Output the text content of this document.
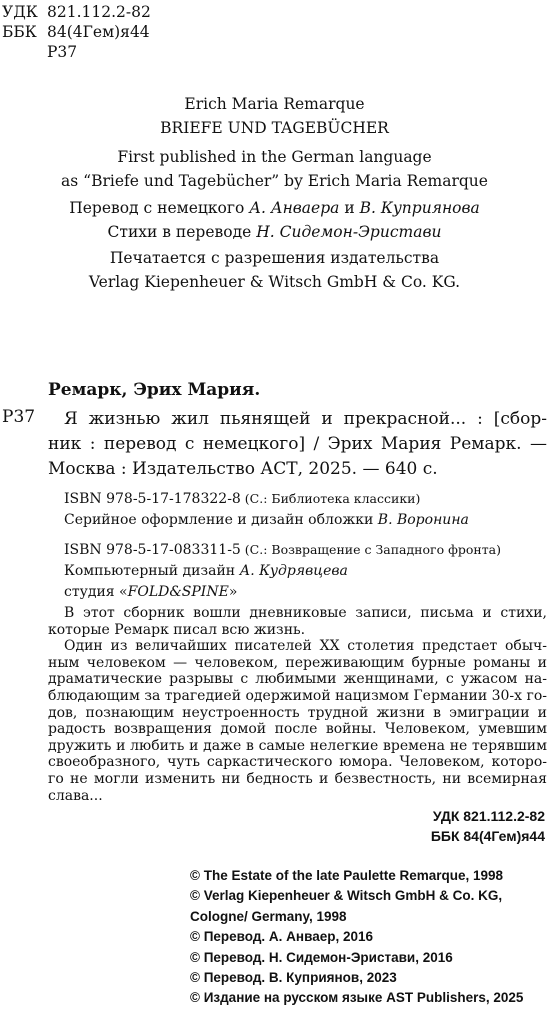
УДК 821.112.2-82
ББК 84(4Гем)я44
Р37
Erich Maria Remarque
BRIEFE UND TAGEBÜCHER
First published in the German language
as “Briefe und Tagebücher” by Erich Maria Remarque
Перевод с немецкого А. Анваера и В. Куприянова
Стихи в переводе Н. Сидемон-Эристави
Печатается с разрешения издательства
Verlag Kiepenheuer & Witsch GmbH & Co. KG.
Ремарк, Эрих Мария.
Р37	Я жизнью жил пьянящей и прекрасной... : [сбор-
ник : перевод с немецкого] / Эрих Мария Ремарк. —
Москва : Издательство АСТ, 2025. — 640 с.
ISBN 978-5-17-178322-8 (С.: Библиотека классики)
Серийное оформление и дизайн обложки В. Воронина
ISBN 978-5-17-083311-5 (С.: Возвращение с Западного фронта)
Компьютерный дизайн А. Кудрявцева
студия «FOLD&SPINE»
В этот сборник вошли дневниковые записи, письма и стихи,
которые Ремарк писал всю жизнь.
Один из величайших писателей XX столетия предстает обыч-
ным человеком — человеком, переживающим бурные романы и
драматические разрывы с любимыми женщинами, с ужасом на-
блюдающим за трагедией одержимой нацизмом Германии 30-х го-
дов, познающим неустроенность трудной жизни в эмиграции и
радость возвращения домой после войны. Человеком, умевшим
дружить и любить и даже в самые нелегкие времена не терявшим
своеобразного, чуть саркастического юмора. Человеком, которо-
го не могли изменить ни бедность и безвестность, ни всемирная
слава...
УДК 821.112.2-82
ББК 84(4Гем)я44
© The Estate of the late Paulette Remarque, 1998
© Verlag Kiepenheuer & Witsch GmbH & Co. KG,
Cologne/ Germany, 1998
© Перевод. А. Анваер, 2016
© Перевод. Н. Сидемон-Эристави, 2016
© Перевод. В. Куприянов, 2023
© Издание на русском языке AST Publishers, 2025
